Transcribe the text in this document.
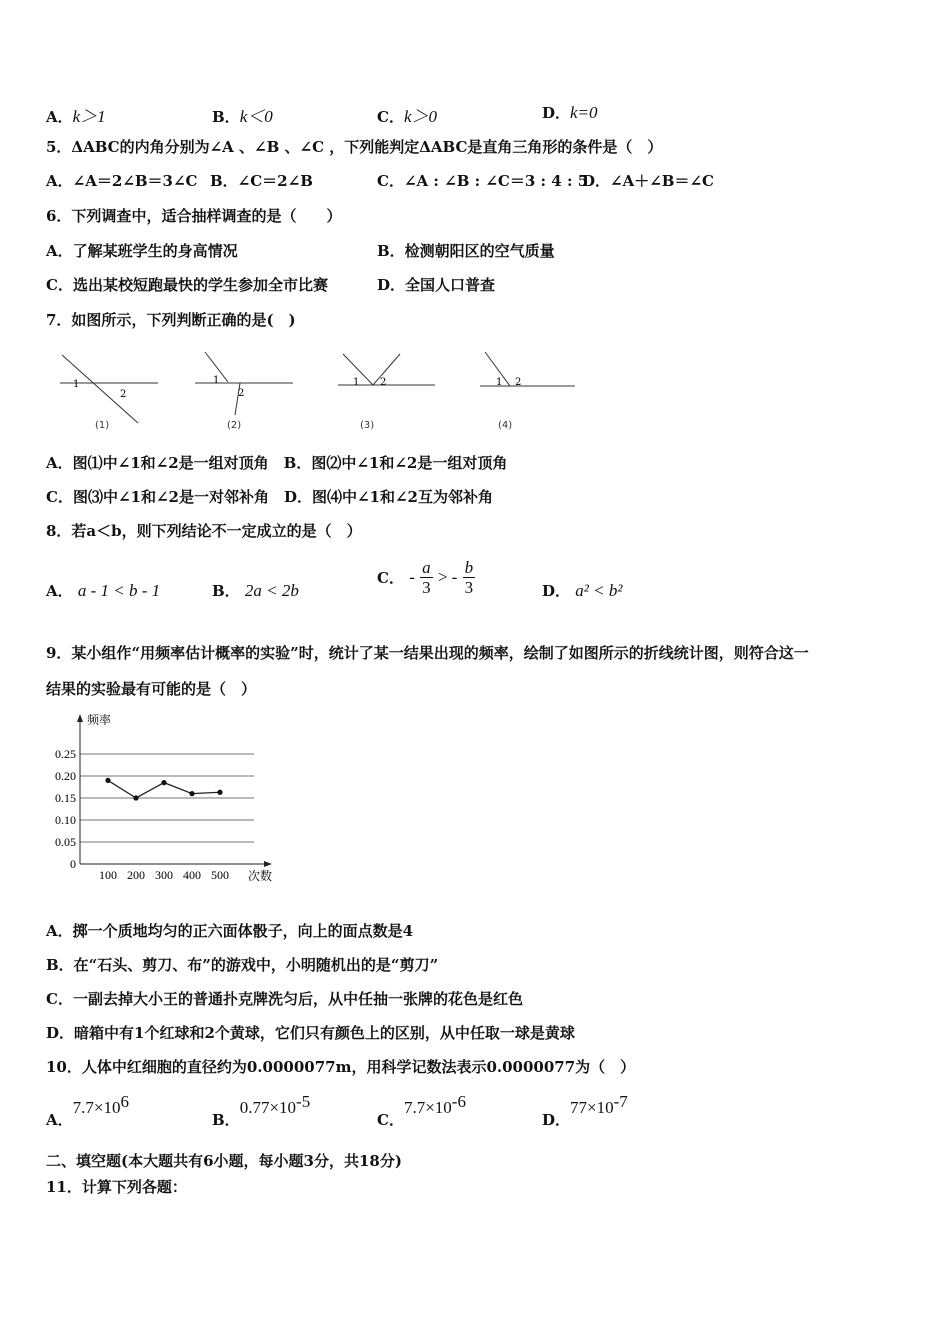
A．k＞1	B．k＜0	C．k＞0	D．k=0
5．ΔABC的内角分别为∠A 、∠B 、∠C ，下列能判定ΔABC是直角三角形的条件是（　）
A．∠A＝2∠B＝3∠C B．∠C＝2∠B	C．∠A : ∠B : ∠C＝3 : 4 : 5
D．∠A＋∠B＝∠C
6．下列调查中，适合抽样调查的是（　　）
A．了解某班学生的身高情况	B．检测朝阳区的空气质量
C．选出某校短跑最快的学生参加全市比赛	D．全国人口普查
7．如图所示，下列判断正确的是(　)
1
2
(1)
1
2
(2)
1 2
(3)
1 2
(4)
A．图⑴中∠1和∠2是一组对顶角　B．图⑵中∠1和∠2是一组对顶角
C．图⑶中∠1和∠2是一对邻补角　D．图⑷中∠1和∠2互为邻补角
8．若a＜b，则下列结论不一定成立的是（　）
A． a - 1 < b - 1	B． 2a < 2b
C． - $\frac{a}{3}$ > - $\frac{b}{3}$	D． a² < b²
9．某小组作“用频率估计概率的实验”时，统计了某一结果出现的频率，绘制了如图所示的折线统计图，则符合这一
结果的实验最有可能的是（　）
频率
次数
0.25
0.20
0.15
0.10
0.05
0
100 200 300 400 500
A．掷一个质地均匀的正六面体骰子，向上的面点数是4
B．在“石头、剪刀、布”的游戏中，小明随机出的是“剪刀”
C．一副去掉大小王的普通扑克牌洗匀后，从中任抽一张牌的花色是红色
D．暗箱中有1个红球和2个黄球，它们只有颜色上的区别，从中任取一球是黄球
10．人体中红细胞的直径约为0.0000077m，用科学记数法表示0.0000077为（　）
A．$7.7\times 10^6$
B．$0.77\times 10^{-5}$
C．$7.7\times 10^{-6}$
D．$77\times 10^{-7}$
二、填空题(本大题共有6小题，每小题3分，共18分)
11．计算下列各题：
